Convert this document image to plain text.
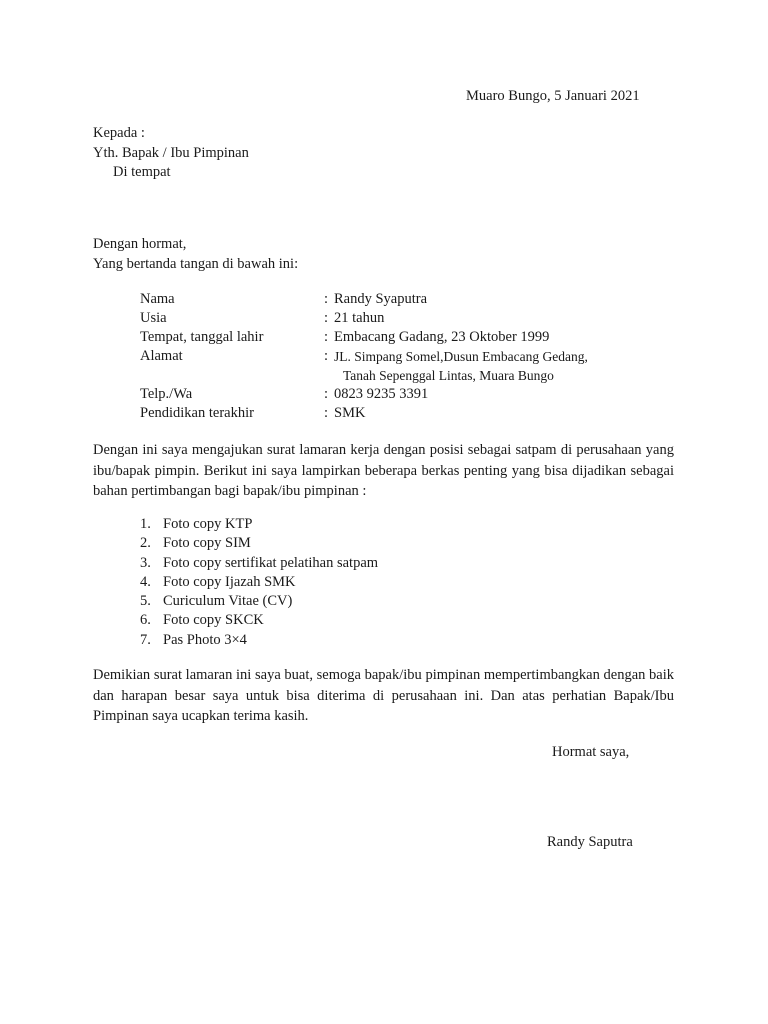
Muaro Bungo, 5 Januari 2021
Kepada :
Yth. Bapak / Ibu Pimpinan
Di tempat
Dengan hormat,
Yang bertanda tangan di bawah ini:
Nama	: Randy Syaputra
Usia	: 21 tahun
Tempat, tanggal lahir	: Embacang Gadang, 23 Oktober 1999
Alamat	: JL. Simpang Somel,Dusun Embacang Gedang,
Tanah Sepenggal Lintas, Muara Bungo
Telp./Wa	: 0823 9235 3391
Pendidikan terakhir	: SMK
Dengan ini saya mengajukan surat lamaran kerja dengan posisi sebagai satpam di perusahaan yang ibu/bapak pimpin. Berikut ini saya lampirkan beberapa berkas penting yang bisa dijadikan sebagai bahan pertimbangan bagi bapak/ibu pimpinan :
1. Foto copy KTP
2. Foto copy SIM
3. Foto copy sertifikat pelatihan satpam
4. Foto copy Ijazah SMK
5. Curiculum Vitae (CV)
6. Foto copy SKCK
7. Pas Photo 3×4
Demikian surat lamaran ini saya buat, semoga bapak/ibu pimpinan mempertimbangkan dengan baik dan harapan besar saya untuk bisa diterima di perusahaan ini. Dan atas perhatian Bapak/Ibu Pimpinan saya ucapkan terima kasih.
Hormat saya,
Randy Saputra
